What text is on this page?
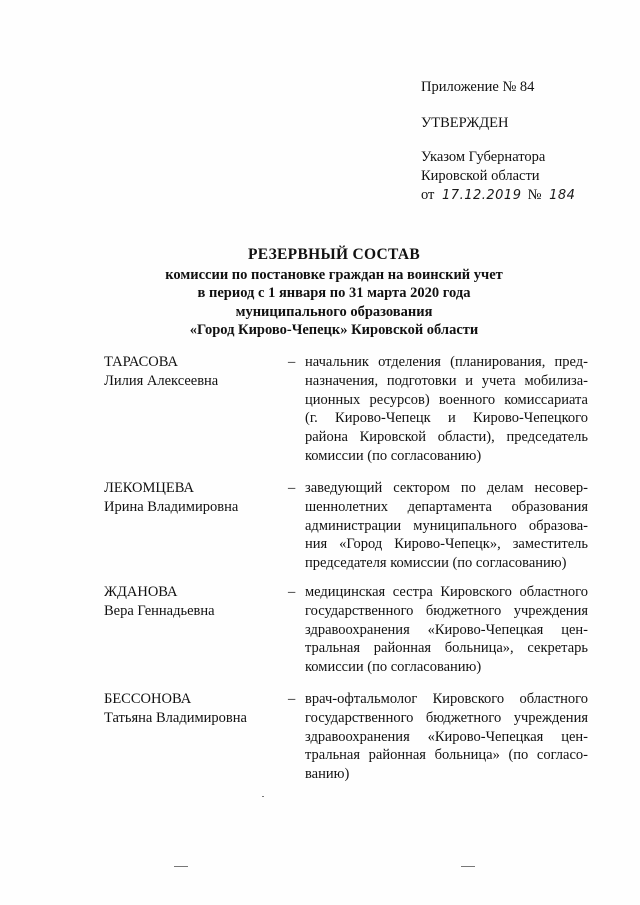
Приложение № 84
УТВЕРЖДЕН
Указом Губернатора
Кировской области
от 17.12.2019 № 184
РЕЗЕРВНЫЙ СОСТАВ
комиссии по постановке граждан на воинский учет
в период с 1 января по 31 марта 2020 года
муниципального образования
«Город Кирово-Чепецк» Кировской области
ТАРАСОВА
Лилия Алексеевна
– начальник отделения (планирования, пред-
назначения, подготовки и учета мобилиза-
ционных ресурсов) военного комиссариата
(г. Кирово-Чепецк и Кирово-Чепецкого
района Кировской области), председатель
комиссии (по согласованию)
ЛЕКОМЦЕВА
Ирина Владимировна
– заведующий сектором по делам несовер-
шеннолетних департамента образования
администрации муниципального образова-
ния «Город Кирово-Чепецк», заместитель
председателя комиссии (по согласованию)
ЖДАНОВА
Вера Геннадьевна
– медицинская сестра Кировского областного
государственного бюджетного учреждения
здравоохранения «Кирово-Чепецкая цен-
тральная районная больница», секретарь
комиссии (по согласованию)
БЕССОНОВА
Татьяна Владимировна
– врач-офтальмолог Кировского областного
государственного бюджетного учреждения
здравоохранения «Кирово-Чепецкая цен-
тральная районная больница» (по согласо-
ванию)
